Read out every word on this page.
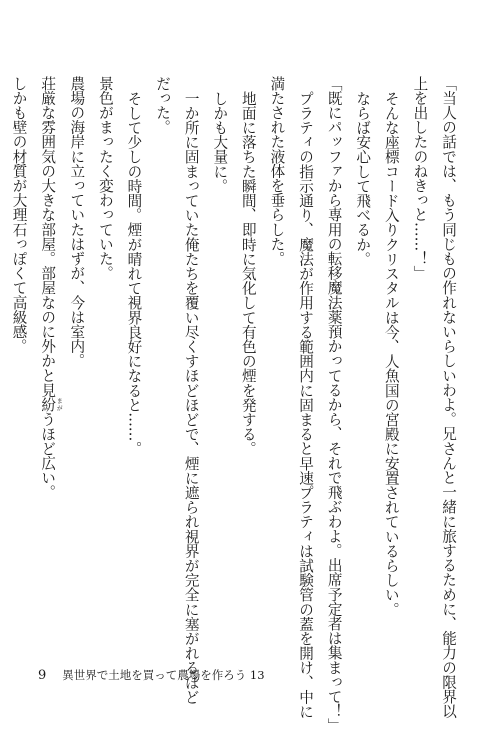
「当人の話では、もう同じもの作れないらしいわよ。兄さんと一緒に旅するために、能力の限界以
上を出したのねきっと……！」
そんな座標コード入りクリスタルは今、人魚国の宮殿に安置されているらしい。
ならば安心して飛べるか。
「既にパッファから専用の転移魔法薬預かってるから、それで飛ぶわよ。出席予定者は集まって！」
プラティの指示通り、魔法が作用する範囲内に固まると早速プラティは試験管の蓋を開け、中に
満たされた液体を垂らした。
地面に落ちた瞬間、即時に気化して有色の煙を発する。
しかも大量に。
一か所に固まっていた俺たちを覆い尽くすほどほどで、煙に遮られ視界が完全に塞がれるほど
だった。
そして少しの時間。煙が晴れて視界良好になると……。
景色がまったく変わっていた。
農場の海岸に立っていたはずが、今は室内。
荘厳な雰囲気の大きな部屋。部屋なのに外かと見紛 まがうほど広い。
しかも壁の材質が大理石っぽくて高級感。
9 異世界で土地を買って農場を作ろう 13
